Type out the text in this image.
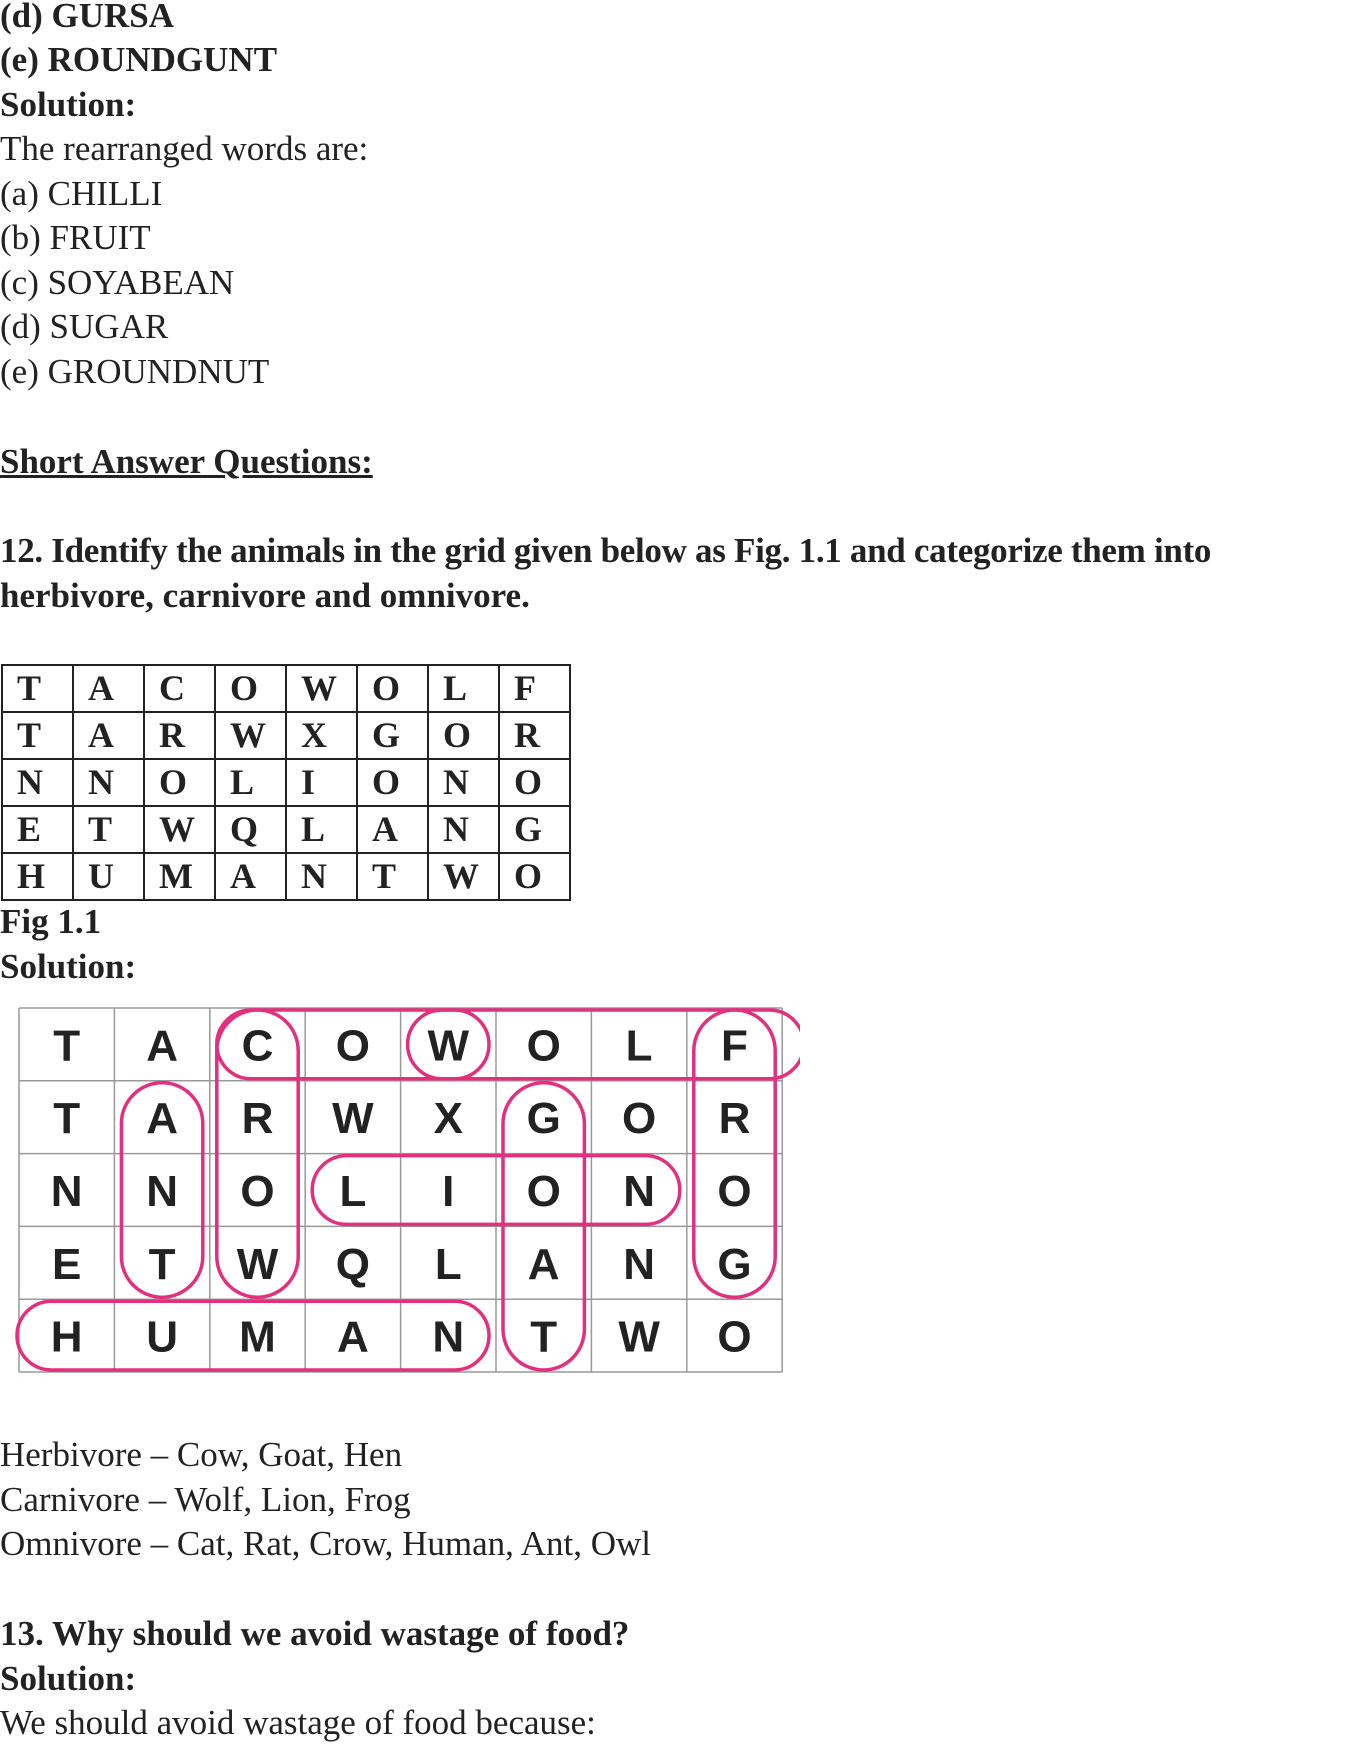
(d) GURSA
(e) ROUNDGUNT
Solution:
The rearranged words are:
(a) CHILLI
(b) FRUIT
(c) SOYABEAN
(d) SUGAR
(e) GROUNDNUT
Short Answer Questions:
12. Identify the animals in the grid given below as Fig. 1.1 and categorize them into
herbivore, carnivore and omnivore.
T	A	C	O	W	O	L	F
T	A	R	W	X	G	O	R
N	N	O	L	I	O	N	O
E	T	W	Q	L	A	N	G
H	U	M	A	N	T	W	O
Fig 1.1
Solution:
T A C O W O L F
T A R W X G O R
N N O L I O N O
E T W Q L A N G
H U M A N T W O
Herbivore – Cow, Goat, Hen
Carnivore – Wolf, Lion, Frog
Omnivore – Cat, Rat, Crow, Human, Ant, Owl
13. Why should we avoid wastage of food?
Solution:
We should avoid wastage of food because:
